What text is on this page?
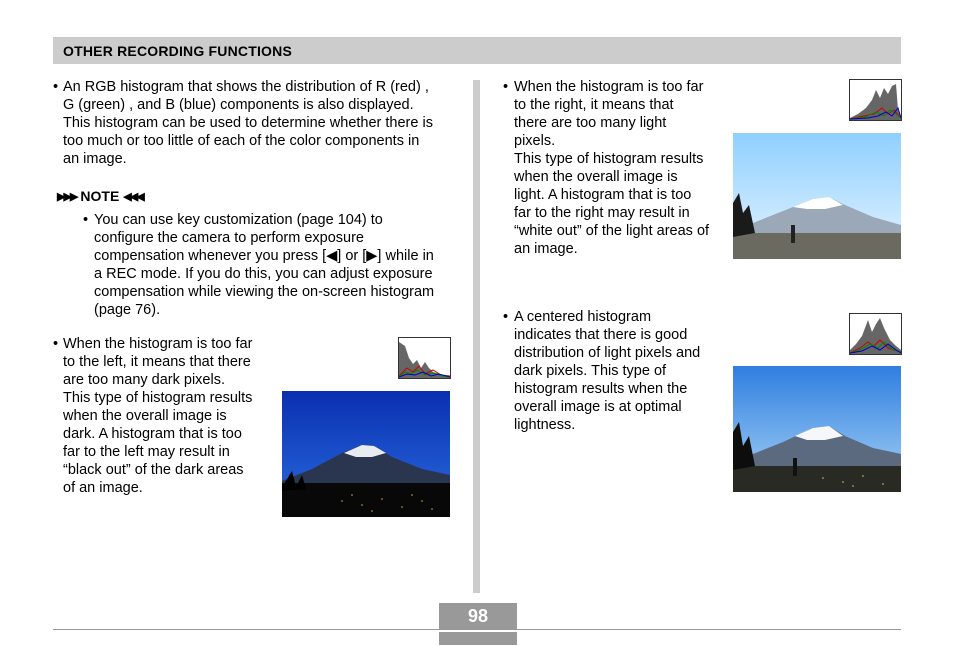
OTHER RECORDING FUNCTIONS
• An RGB histogram that shows the distribution of R (red) ,
G (green) , and B (blue) components is also displayed.
This histogram can be used to determine whether there is
too much or too little of each of the color components in
an image.
▶▶▶ NOTE ◀◀◀
• You can use key customization (page 104) to
configure the camera to perform exposure
compensation whenever you press [◀] or [▶] while in
a REC mode. If you do this, you can adjust exposure
compensation while viewing the on-screen histogram
(page 76).
• When the histogram is too far
to the left, it means that there
are too many dark pixels.
This type of histogram results
when the overall image is
dark. A histogram that is too
far to the left may result in
“black out” of the dark areas
of an image.
• When the histogram is too far
to the right, it means that
there are too many light
pixels.
This type of histogram results
when the overall image is
light. A histogram that is too
far to the right may result in
“white out” of the light areas of
an image.
• A centered histogram
indicates that there is good
distribution of light pixels and
dark pixels. This type of
histogram results when the
overall image is at optimal
lightness.
98
